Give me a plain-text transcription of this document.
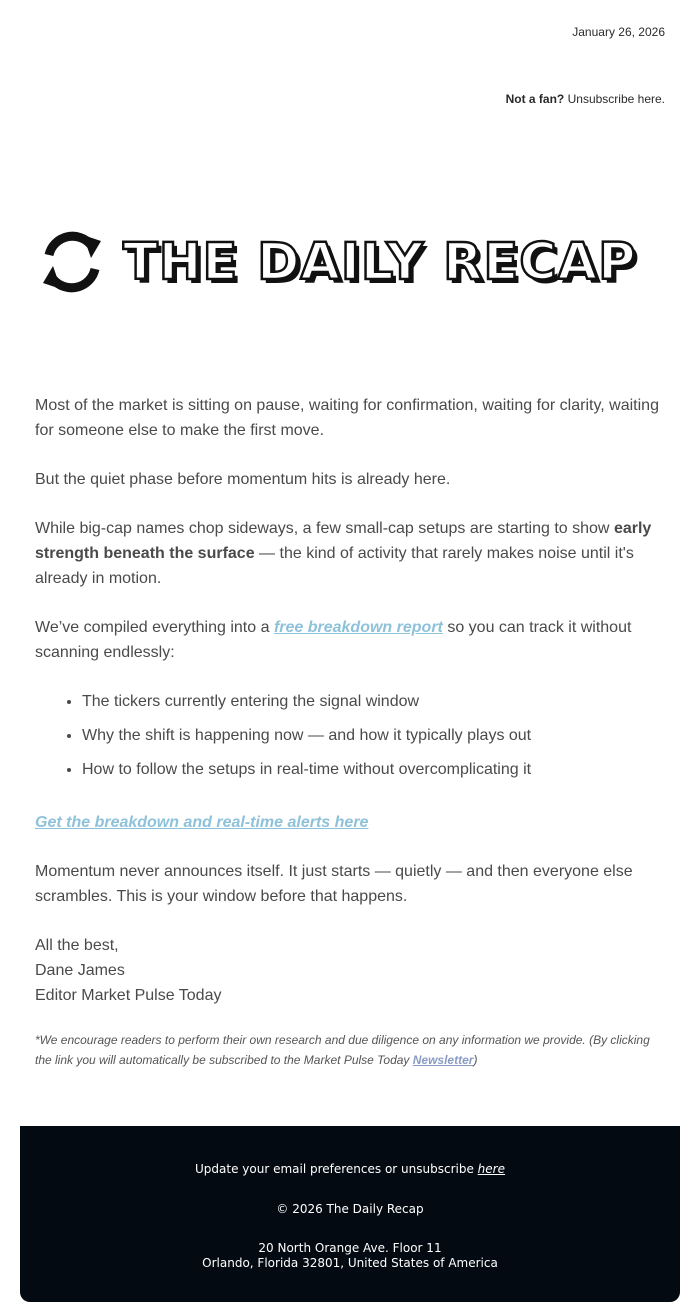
January 26, 2026
Not a fan? Unsubscribe here.
THE DAILY RECAP

Most of the market is sitting on pause, waiting for confirmation, waiting for clarity, waiting for someone else to make the first move.

But the quiet phase before momentum hits is already here.

While big-cap names chop sideways, a few small-cap setups are starting to show early strength beneath the surface — the kind of activity that rarely makes noise until it's already in motion.

We’ve compiled everything into a free breakdown report so you can track it without scanning endlessly:

• The tickers currently entering the signal window
• Why the shift is happening now — and how it typically plays out
• How to follow the setups in real-time without overcomplicating it
Get the breakdown and real-time alerts here

Momentum never announces itself. It just starts — quietly — and then everyone else scrambles. This is your window before that happens.

All the best,

Dane James

Editor Market Pulse Today

*We encourage readers to perform their own research and due diligence on any information we provide. (By clicking the link you will automatically be subscribed to the Market Pulse Today Newsletter)
Update your email preferences or unsubscribe here
© 2026 The Daily Recap
20 North Orange Ave. Floor 11
Orlando, Florida 32801, United States of America
